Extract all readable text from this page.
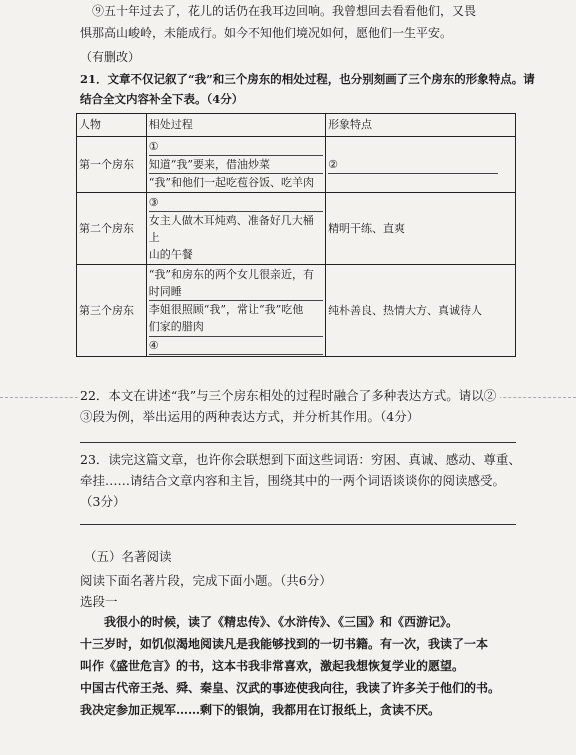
⑨五十年过去了，花儿的话仍在我耳边回响。我曾想回去看看他们，又畏
惧那高山峻岭，未能成行。如今不知他们境况如何，愿他们一生平安。
（有删改）
21．文章不仅记叙了“我”和三个房东的相处过程，也分别刻画了三个房东的形象特点。请
结合全文内容补全下表。（4分）
人物	相处过程	形象特点
第一个房东	①
知道“我”要来，借油炒菜
“我”和他们一起吃苞谷饭、吃羊肉	②

第二个房东	③
女主人做木耳炖鸡、准备好几大桶上
山的午餐	精明干练、直爽
第三个房东	“我”和房东的两个女儿很亲近，有
时同睡
李姐很照顾“我”，常让“我”吃他
们家的腊肉
④	纯朴善良、热情大方、真诚待人
22．本文在讲述“我”与三个房东相处的过程时融合了多种表达方式。请以②
③段为例，举出运用的两种表达方式，并分析其作用。（4分）
23．读完这篇文章，也许你会联想到下面这些词语：穷困、真诚、感动、尊重、
牵挂……请结合文章内容和主旨，围绕其中的一两个词语谈谈你的阅读感受。
（3分）
（五）名著阅读
阅读下面名著片段，完成下面小题。（共6分）
选段一
我很小的时候，读了《精忠传》、《水浒传》、《三国》和《西游记》。
十三岁时，如饥似渴地阅读凡是我能够找到的一切书籍。有一次，我读了一本
叫作《盛世危言》的书，这本书我非常喜欢，激起我想恢复学业的愿望。
中国古代帝王尧、舜、秦皇、汉武的事迹使我向往，我读了许多关于他们的书。
我决定参加正规军……剩下的银饷，我都用在订报纸上，贪读不厌。
